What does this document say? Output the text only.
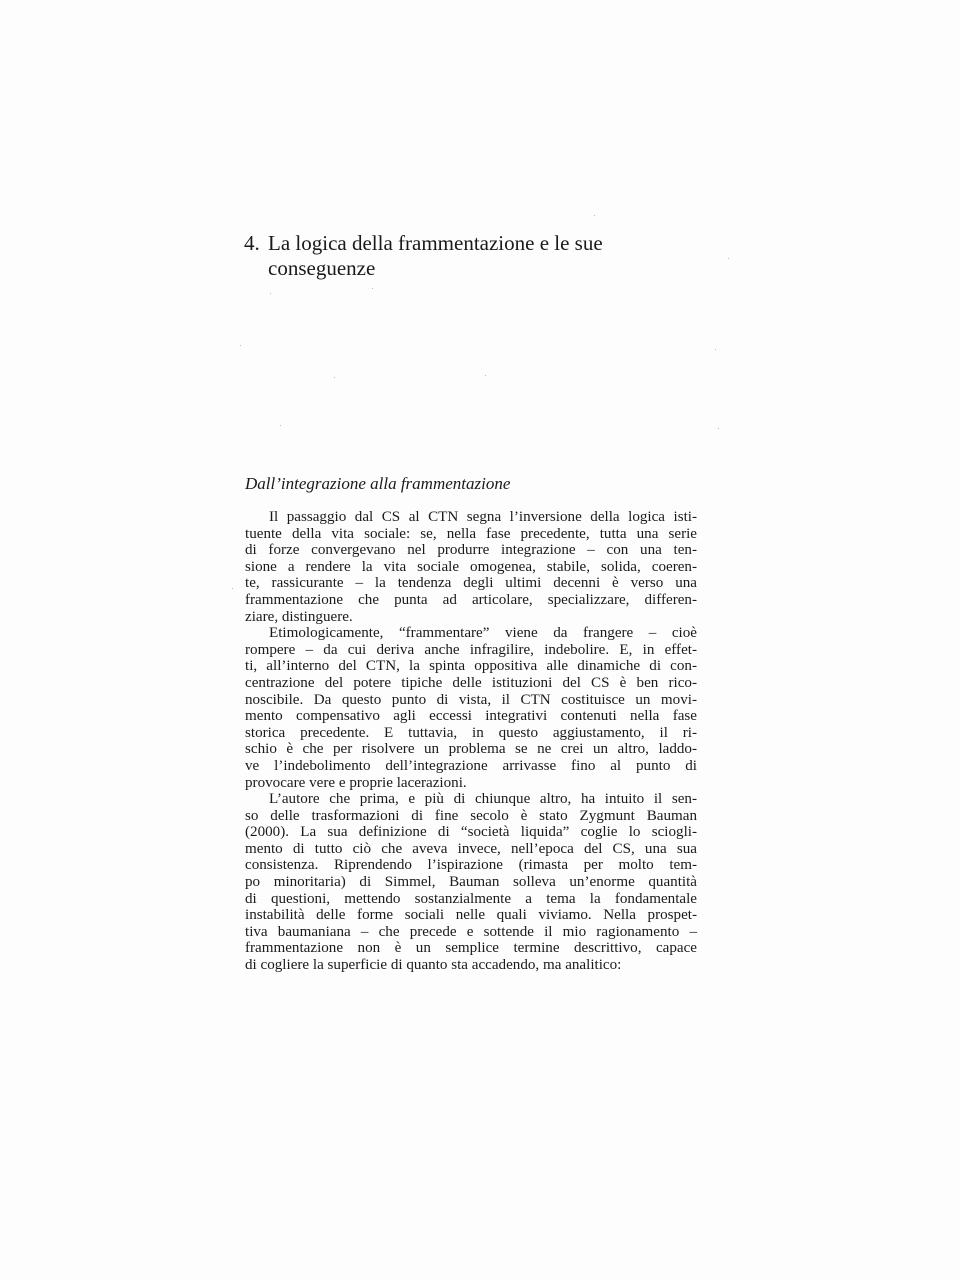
4. La logica della frammentazione e le sue
conseguenze
Dall’integrazione alla frammentazione

Il passaggio dal CS al CTN segna l’inversione della logica isti-
tuente della vita sociale: se, nella fase precedente, tutta una serie
di forze convergevano nel produrre integrazione – con una ten-
sione a rendere la vita sociale omogenea, stabile, solida, coeren-
te, rassicurante – la tendenza degli ultimi decenni è verso una
frammentazione che punta ad articolare, specializzare, differen-
ziare, distinguere.

Etimologicamente, “frammentare” viene da frangere – cioè
rompere – da cui deriva anche infragilire, indebolire. E, in effet-
ti, all’interno del CTN, la spinta oppositiva alle dinamiche di con-
centrazione del potere tipiche delle istituzioni del CS è ben rico-
noscibile. Da questo punto di vista, il CTN costituisce un movi-
mento compensativo agli eccessi integrativi contenuti nella fase
storica precedente. E tuttavia, in questo aggiustamento, il ri-
schio è che per risolvere un problema se ne crei un altro, laddo-
ve l’indebolimento dell’integrazione arrivasse fino al punto di
provocare vere e proprie lacerazioni.

L’autore che prima, e più di chiunque altro, ha intuito il sen-
so delle trasformazioni di fine secolo è stato Zygmunt Bauman
(2000). La sua definizione di “società liquida” coglie lo sciogli-
mento di tutto ciò che aveva invece, nell’epoca del CS, una sua
consistenza. Riprendendo l’ispirazione (rimasta per molto tem-
po minoritaria) di Simmel, Bauman solleva un’enorme quantità
di questioni, mettendo sostanzialmente a tema la fondamentale
instabilità delle forme sociali nelle quali viviamo. Nella prospet-
tiva baumaniana – che precede e sottende il mio ragionamento –
frammentazione non è un semplice termine descrittivo, capace
di cogliere la superficie di quanto sta accadendo, ma analitico:
